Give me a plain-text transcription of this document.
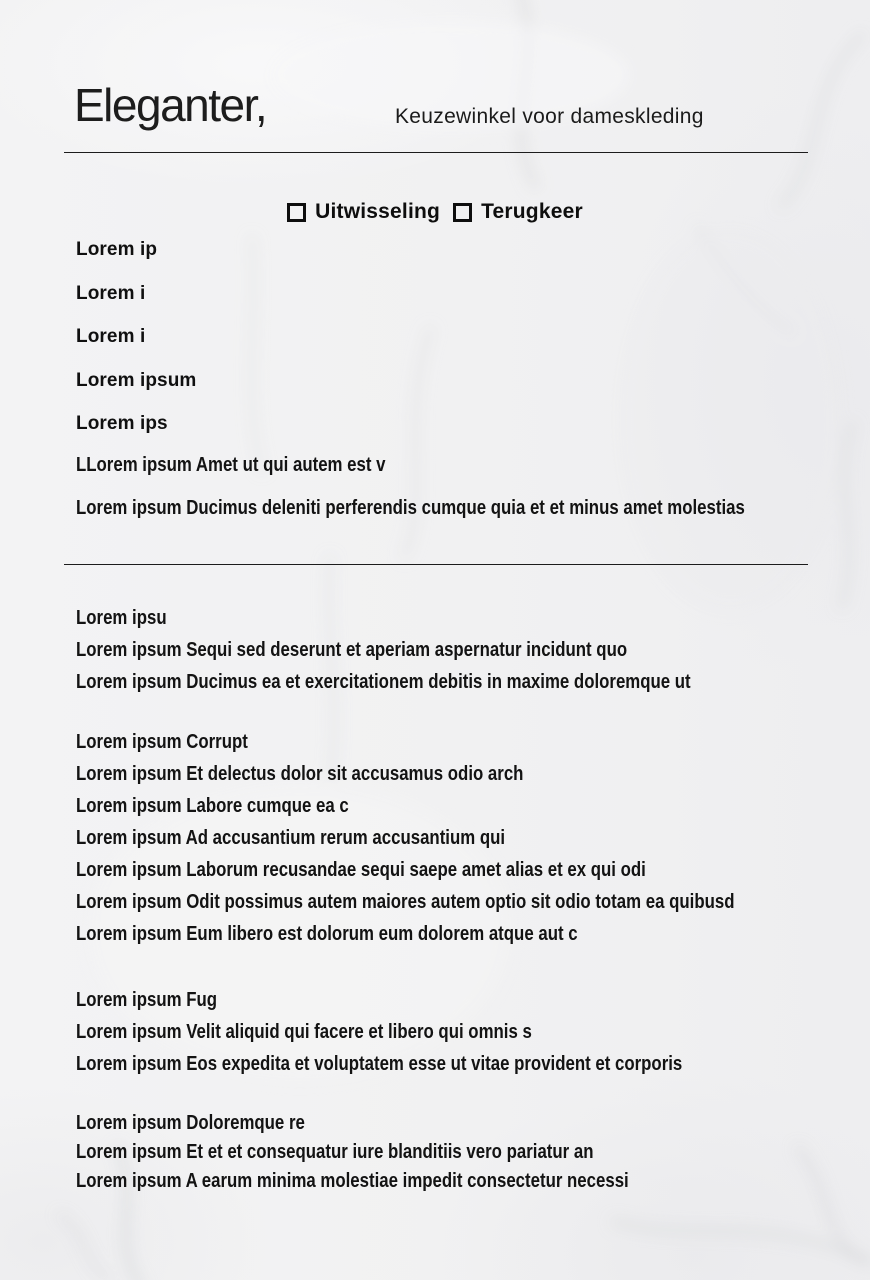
Eleganter,	Keuzewinkel voor dameskleding
Uitwisseling Terugkeer
Lorem ip
Lorem i
Lorem i
Lorem ipsum
Lorem ips
LLorem ipsum Amet ut qui autem est v
Lorem ipsum Ducimus deleniti perferendis cumque quia et et minus amet molestias
Lorem ipsu
Lorem ipsum Sequi sed deserunt et aperiam aspernatur incidunt quo
Lorem ipsum Ducimus ea et exercitationem debitis in maxime doloremque ut
Lorem ipsum Corrupt
Lorem ipsum Et delectus dolor sit accusamus odio arch
Lorem ipsum Labore cumque ea c
Lorem ipsum Ad accusantium rerum accusantium qui
Lorem ipsum Laborum recusandae sequi saepe amet alias et ex qui odi
Lorem ipsum Odit possimus autem maiores autem optio sit odio totam ea quibusd
Lorem ipsum Eum libero est dolorum eum dolorem atque aut c
Lorem ipsum Fug
Lorem ipsum Velit aliquid qui facere et libero qui omnis s
Lorem ipsum Eos expedita et voluptatem esse ut vitae provident et corporis
Lorem ipsum Doloremque re
Lorem ipsum Et et et consequatur iure blanditiis vero pariatur an
Lorem ipsum A earum minima molestiae impedit consectetur necessi
